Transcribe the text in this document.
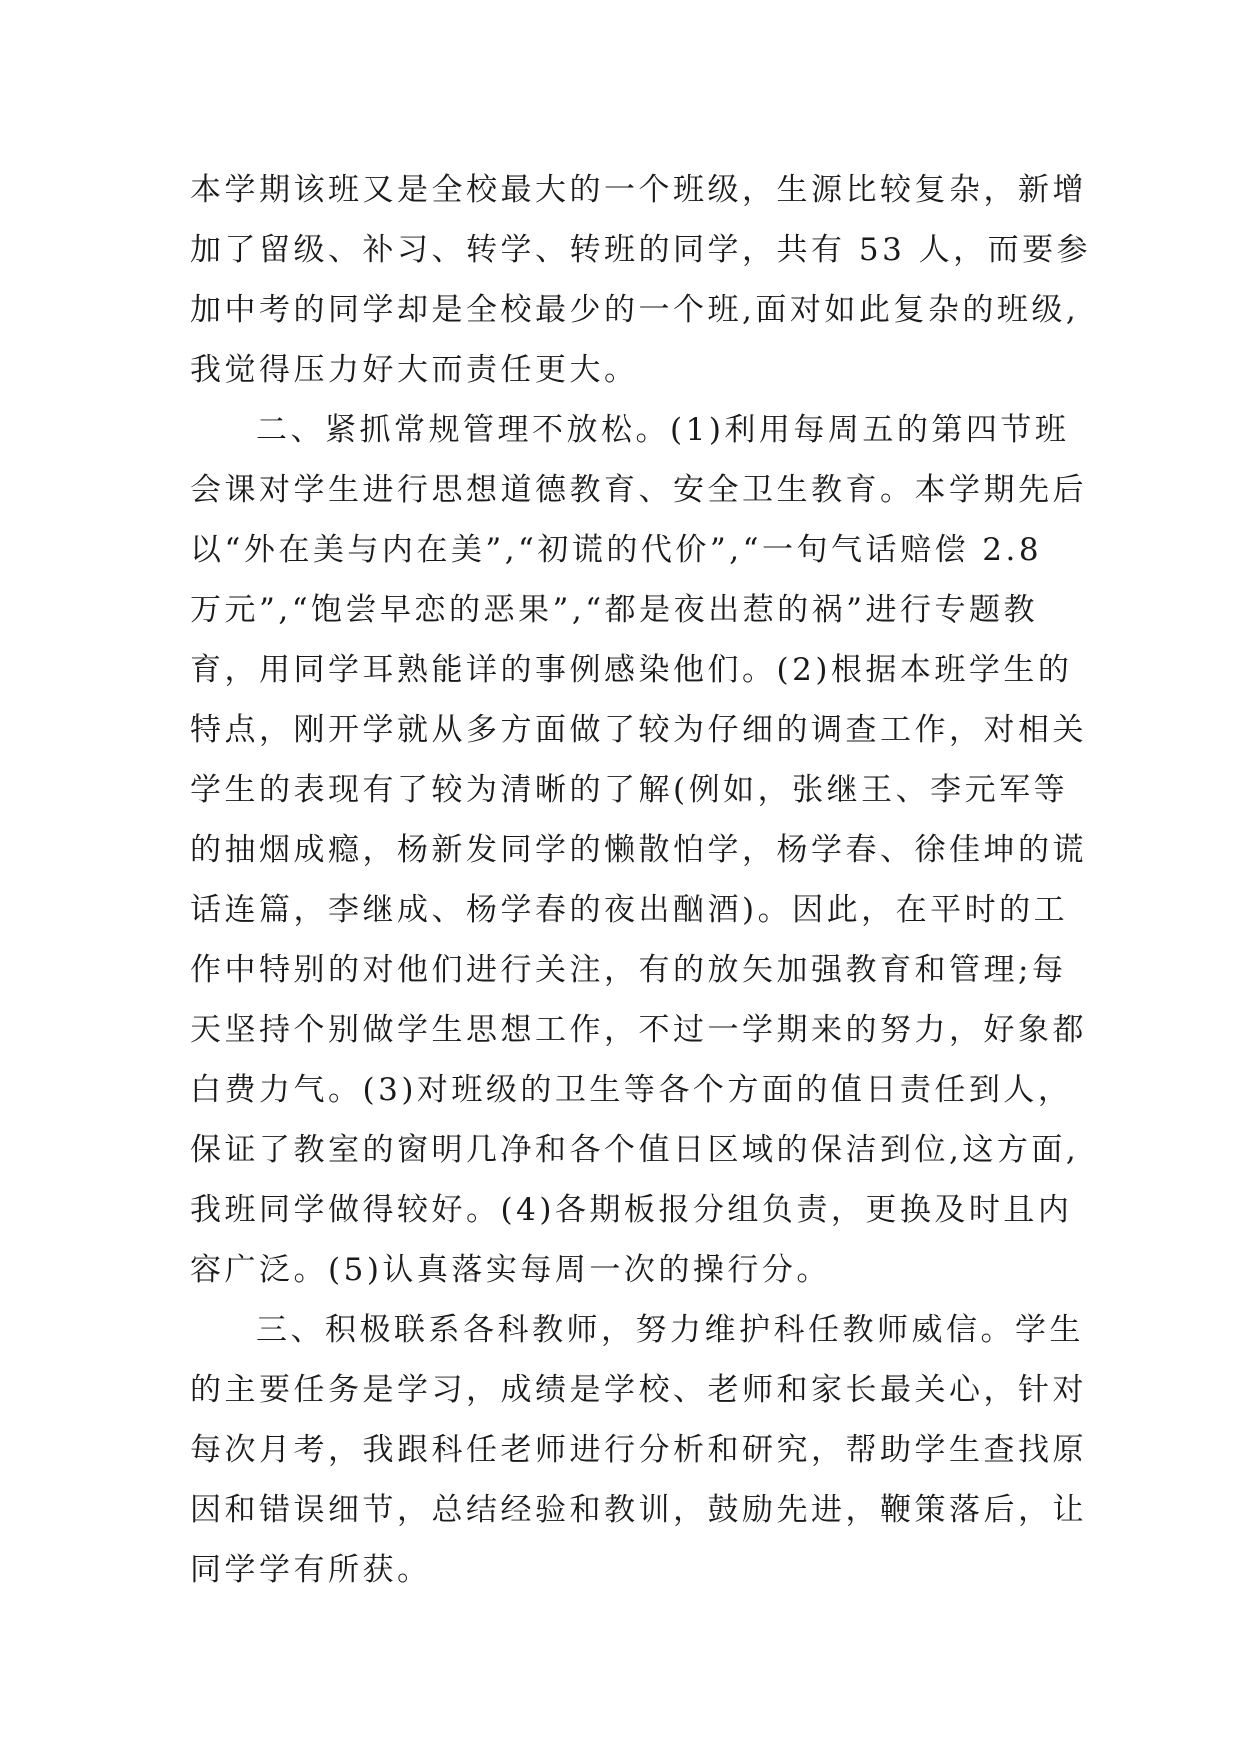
本学期该班又是全校最大的一个班级，生源比较复杂，新增

加了留级、补习、转学、转班的同学，共有 53 人，而要参

加中考的同学却是全校最少的一个班,面对如此复杂的班级,

我觉得压力好大而责任更大。

二、紧抓常规管理不放松。(1)利用每周五的第四节班

会课对学生进行思想道德教育、安全卫生教育。本学期先后

以“外在美与内在美”,“初谎的代价”,“一句气话赔偿 2.8

万元”,“饱尝早恋的恶果”,“都是夜出惹的祸”进行专题教

育，用同学耳熟能详的事例感染他们。(2)根据本班学生的

特点，刚开学就从多方面做了较为仔细的调查工作，对相关

学生的表现有了较为清晰的了解(例如，张继王、李元军等

的抽烟成瘾，杨新发同学的懒散怕学，杨学春、徐佳坤的谎

话连篇，李继成、杨学春的夜出酗酒)。因此，在平时的工

作中特别的对他们进行关注，有的放矢加强教育和管理;每

天坚持个别做学生思想工作，不过一学期来的努力，好象都

白费力气。(3)对班级的卫生等各个方面的值日责任到人，

保证了教室的窗明几净和各个值日区域的保洁到位,这方面,

我班同学做得较好。(4)各期板报分组负责，更换及时且内

容广泛。(5)认真落实每周一次的操行分。

三、积极联系各科教师，努力维护科任教师威信。学生

的主要任务是学习，成绩是学校、老师和家长最关心，针对

每次月考，我跟科任老师进行分析和研究，帮助学生查找原

因和错误细节，总结经验和教训，鼓励先进，鞭策落后，让

同学学有所获。
